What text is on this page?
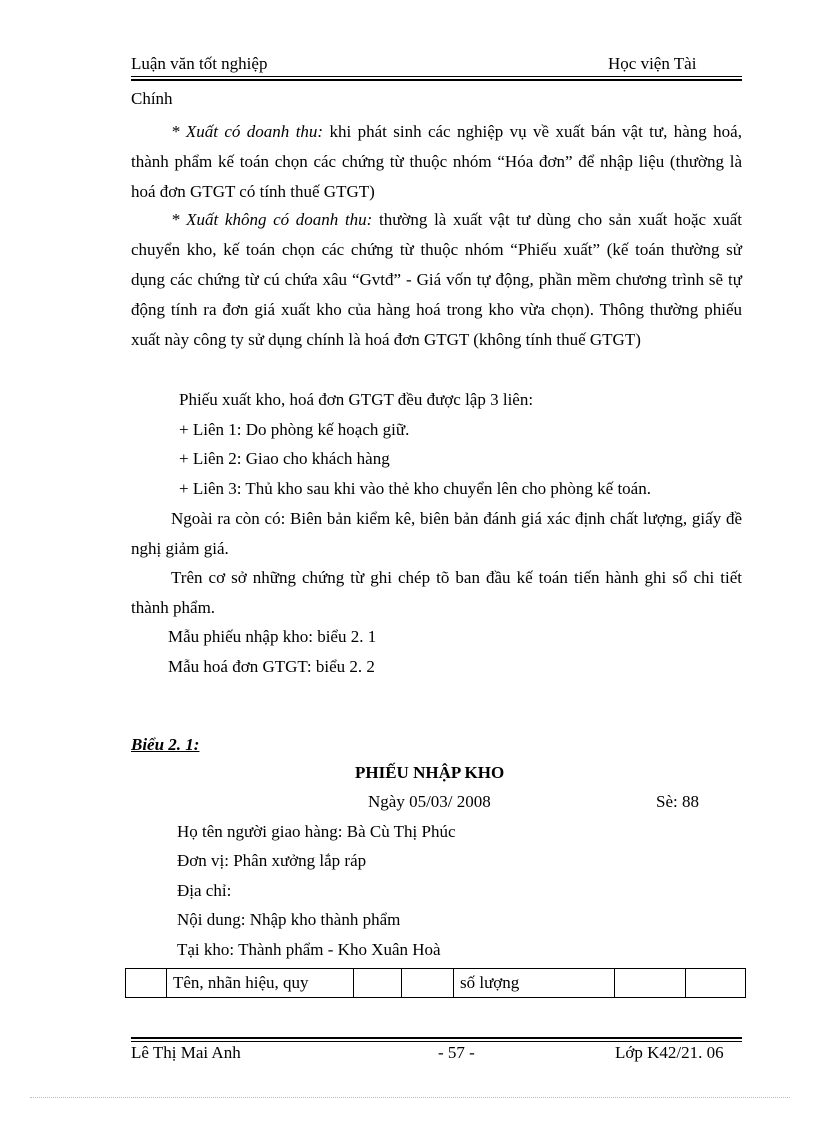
Luận văn tốt nghiệp	Học viện Tài
Chính
* Xuất có doanh thu: khi phát sinh các nghiệp vụ về xuất bán vật tư, hàng hoá, thành phẩm kế toán chọn các chứng từ thuộc nhóm “Hóa đơn” để nhập liệu (thường là hoá đơn GTGT có tính thuế GTGT)
* Xuất không có doanh thu: thường là xuất vật tư dùng cho sản xuất hoặc xuất chuyển kho, kế toán chọn các chứng từ thuộc nhóm “Phiếu xuất” (kế toán thường sử dụng các chứng từ cú chứa xâu “Gvtđ” - Giá vốn tự động, phần mềm chương trình sẽ tự động tính ra đơn giá xuất kho của hàng hoá trong kho vừa chọn). Thông thường phiếu xuất này công ty sử dụng chính là hoá đơn GTGT (không tính thuế GTGT)
Phiếu xuất kho, hoá đơn GTGT đều được lập 3 liên:
+ Liên 1: Do phòng kế hoạch giữ.
+ Liên 2: Giao cho khách hàng
+ Liên 3: Thủ kho sau khi vào thẻ kho chuyển lên cho phòng kế toán.
Ngoài ra còn có: Biên bản kiểm kê, biên bản đánh giá xác định chất lượng, giấy đề nghị giảm giá.
Trên cơ sở những chứng từ ghi chép tõ ban đầu kế toán tiến hành ghi sổ chi tiết thành phẩm.
Mẫu phiếu nhập kho: biểu 2. 1
Mẫu hoá đơn GTGT: biểu 2. 2
Biểu 2. 1:
PHIẾU NHẬP KHO
Ngày 05/03/ 2008	Sè: 88
Họ tên người giao hàng: Bà Cù Thị Phúc
Đơn vị: Phân xưởng lắp ráp
Địa chỉ:
Nội dung: Nhập kho thành phẩm
Tại kho: Thành phẩm - Kho Xuân Hoà
	Tên, nhãn hiệu, quy			số lượng		
Lê Thị Mai Anh	- 57 -	Lớp K42/21. 06
